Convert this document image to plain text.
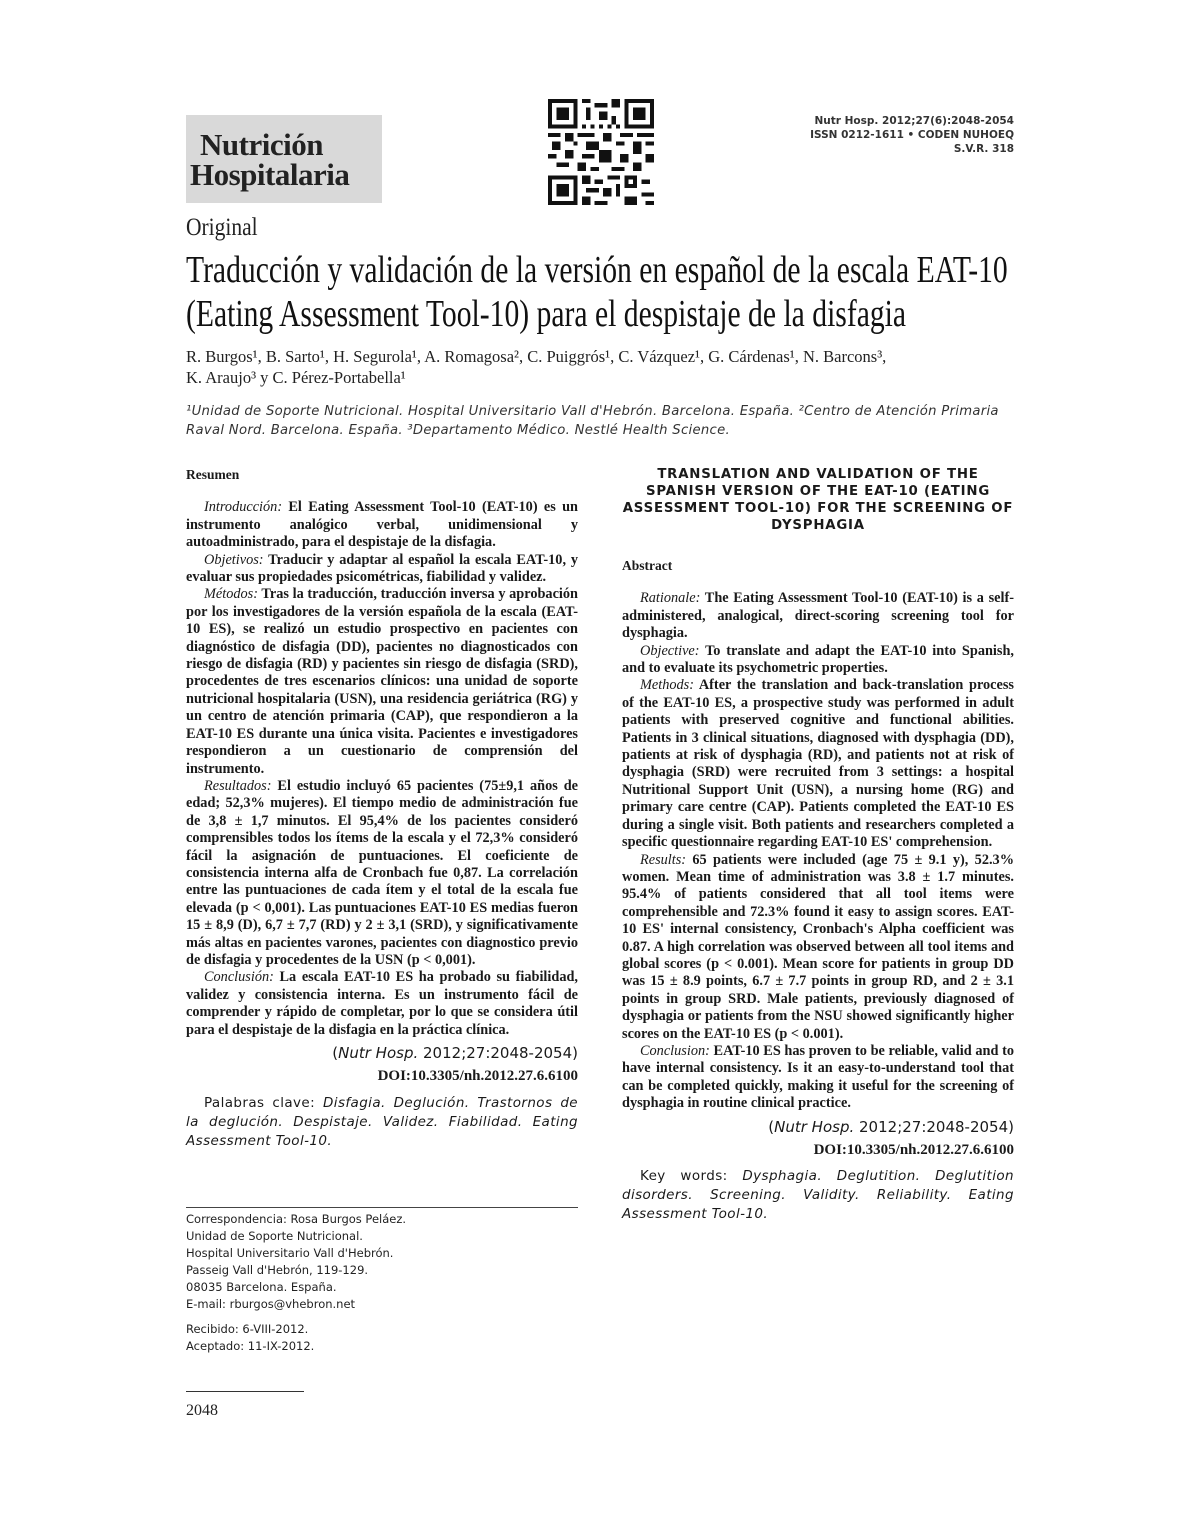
Nutrición
Hospitalaria
Nutr Hosp. 2012;27(6):2048-2054
ISSN 0212-1611 • CODEN NUHOEQ
S.V.R. 318
Original
Traducción y validación de la versión en español de la escala EAT-10
(Eating Assessment Tool-10) para el despistaje de la disfagia
R. Burgos¹, B. Sarto¹, H. Segurola¹, A. Romagosa², C. Puiggrós¹, C. Vázquez¹, G. Cárdenas¹, N. Barcons³,
K. Araujo³ y C. Pérez-Portabella¹
¹Unidad de Soporte Nutricional. Hospital Universitario Vall d'Hebrón. Barcelona. España. ²Centro de Atención Primaria Raval Nord. Barcelona. España. ³Departamento Médico. Nestlé Health Science.
Resumen

Introducción: El Eating Assessment Tool-10 (EAT-10) es un instrumento analógico verbal, unidimensional y autoadministrado, para el despistaje de la disfagia.

Objetivos: Traducir y adaptar al español la escala EAT-10, y evaluar sus propiedades psicométricas, fiabilidad y validez.

Métodos: Tras la traducción, traducción inversa y aprobación por los investigadores de la versión española de la escala (EAT-10 ES), se realizó un estudio prospectivo en pacientes con diagnóstico de disfagia (DD), pacientes no diagnosticados con riesgo de disfagia (RD) y pacientes sin riesgo de disfagia (SRD), procedentes de tres escenarios clínicos: una unidad de soporte nutricional hospitalaria (USN), una residencia geriátrica (RG) y un centro de atención primaria (CAP), que respondieron a la EAT-10 ES durante una única visita. Pacientes e investigadores respondieron a un cuestionario de comprensión del instrumento.

Resultados: El estudio incluyó 65 pacientes (75±9,1 años de edad; 52,3% mujeres). El tiempo medio de administración fue de 3,8 ± 1,7 minutos. El 95,4% de los pacientes consideró comprensibles todos los ítems de la escala y el 72,3% consideró fácil la asignación de puntuaciones. El coeficiente de consistencia interna alfa de Cronbach fue 0,87. La correlación entre las puntuaciones de cada ítem y el total de la escala fue elevada (p < 0,001). Las puntuaciones EAT-10 ES medias fueron 15 ± 8,9 (D), 6,7 ± 7,7 (RD) y 2 ± 3,1 (SRD), y significativamente más altas en pacientes varones, pacientes con diagnostico previo de disfagia y procedentes de la USN (p < 0,001).

Conclusión: La escala EAT-10 ES ha probado su fiabilidad, validez y consistencia interna. Es un instrumento fácil de comprender y rápido de completar, por lo que se considera útil para el despistaje de la disfagia en la práctica clínica.

(Nutr Hosp. 2012;27:2048-2054)
DOI:10.3305/nh.2012.27.6.6100
Palabras clave: Disfagia. Deglución. Trastornos de la deglución. Despistaje. Validez. Fiabilidad. Eating Assessment Tool-10.
TRANSLATION AND VALIDATION OF THE SPANISH VERSION OF THE EAT-10 (EATING ASSESSMENT TOOL-10) FOR THE SCREENING OF DYSPHAGIA
Abstract

Rationale: The Eating Assessment Tool-10 (EAT-10) is a self-administered, analogical, direct-scoring screening tool for dysphagia.

Objective: To translate and adapt the EAT-10 into Spanish, and to evaluate its psychometric properties.

Methods: After the translation and back-translation process of the EAT-10 ES, a prospective study was performed in adult patients with preserved cognitive and functional abilities. Patients in 3 clinical situations, diagnosed with dysphagia (DD), patients at risk of dysphagia (RD), and patients not at risk of dysphagia (SRD) were recruited from 3 settings: a hospital Nutritional Support Unit (USN), a nursing home (RG) and primary care centre (CAP). Patients completed the EAT-10 ES during a single visit. Both patients and researchers completed a specific questionnaire regarding EAT-10 ES' comprehension.

Results: 65 patients were included (age 75 ± 9.1 y), 52.3% women. Mean time of administration was 3.8 ± 1.7 minutes. 95.4% of patients considered that all tool items were comprehensible and 72.3% found it easy to assign scores. EAT-10 ES' internal consistency, Cronbach's Alpha coefficient was 0.87. A high correlation was observed between all tool items and global scores (p < 0.001). Mean score for patients in group DD was 15 ± 8.9 points, 6.7 ± 7.7 points in group RD, and 2 ± 3.1 points in group SRD. Male patients, previously diagnosed of dysphagia or patients from the NSU showed significantly higher scores on the EAT-10 ES (p < 0.001).

Conclusion: EAT-10 ES has proven to be reliable, valid and to have internal consistency. Is it an easy-to-understand tool that can be completed quickly, making it useful for the screening of dysphagia in routine clinical practice.

(Nutr Hosp. 2012;27:2048-2054)
DOI:10.3305/nh.2012.27.6.6100
Key words: Dysphagia. Deglutition. Deglutition disorders. Screening. Validity. Reliability. Eating Assessment Tool-10.
Correspondencia: Rosa Burgos Peláez.
Unidad de Soporte Nutricional.
Hospital Universitario Vall d'Hebrón.
Passeig Vall d'Hebrón, 119-129.
08035 Barcelona. España.
E-mail: rburgos@vhebron.net
Recibido: 6-VIII-2012.
Aceptado: 11-IX-2012.
2048
